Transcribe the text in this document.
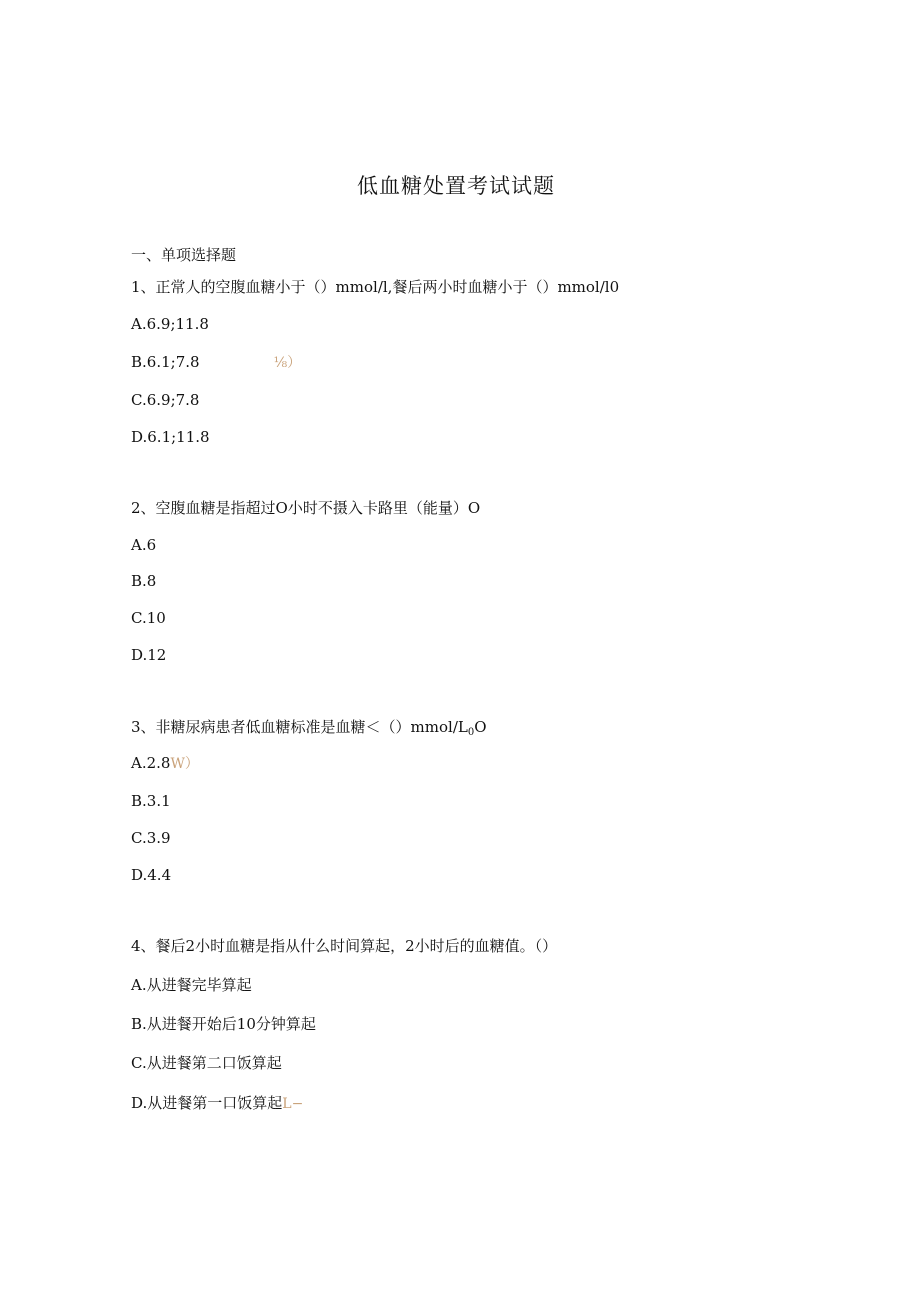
低血糖处置考试试题
一、单项选择题
1、正常人的空腹血糖小于（）mmol/l,餐后两小时血糖小于（）mmol/l0
A.6.9;11.8
B.6.1;7.8	⅛）
C.6.9;7.8
D.6.1;11.8
2、空腹血糖是指超过O小时不摄入卡路里（能量）O
A.6
B.8
C.10
D.12
3、非糖尿病患者低血糖标准是血糖$<()mmol/L_0O$
A.2.8W）
B.3.1
C.3.9
D.4.4
4、餐后2小时血糖是指从什么时间算起，2小时后的血糖值。（）
A.从进餐完毕算起
B.从进餐开始后10分钟算起
C.从进餐第二口饭算起
D.从进餐第一口饭算起L−
